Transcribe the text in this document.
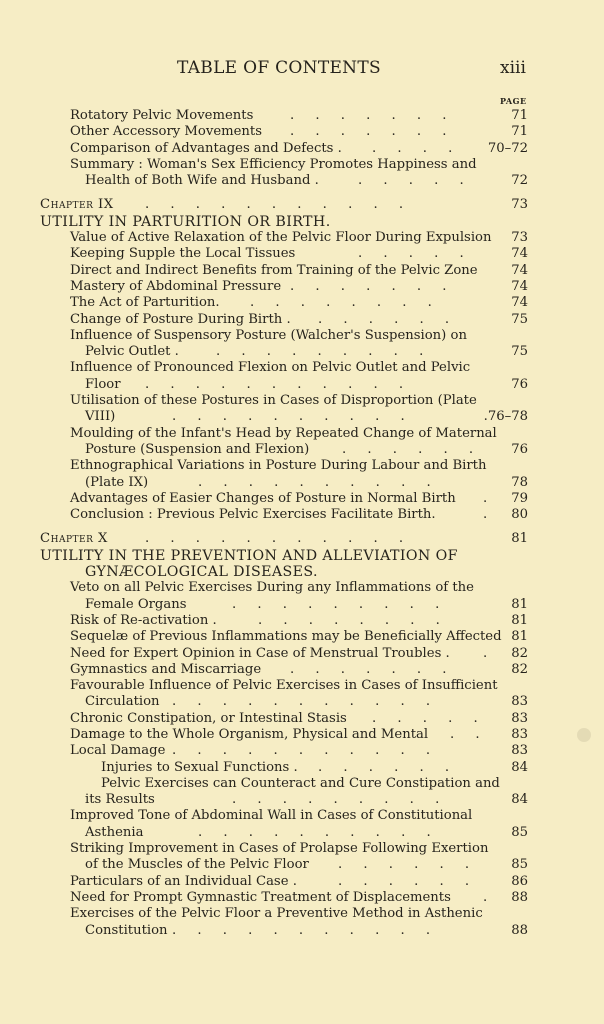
TABLE OF CONTENTS	xiii
PAGE
Rotatory Pelvic Movements	. . . . . . .	71
Other Accessory Movements . . . . . . .	71
Comparison of Advantages and Defects . . . . . 70–72
Summary : Woman's Sex Efficiency Promotes Happiness and
Health of Both Wife and Husband .	. . . . .	72
Chapter IX . . . . . . . . . . .	73
UTILITY IN PARTURITION OR BIRTH.
Value of Active Relaxation of the Pelvic Floor During Expulsion 73
Keeping Supple the Local Tissues	. . . . .	74
Direct and Indirect Benefits from Training of the Pelvic Zone	74
Mastery of Abdominal Pressure . . . . . . .	74
The Act of Parturition. . . . . . . . .	74
Change of Posture During Birth . . . . . . .	75
Influence of Suspensory Posture (Walcher's Suspension) on
Pelvic Outlet .	. . . . . . . . .	75
Influence of Pronounced Flexion on Pelvic Outlet and Pelvic
Floor . . . . . . . . . . .	76
Utilisation of these Postures in Cases of Disproportion (Plate
VIII)	. . . . . . . . . .	.76–78
Moulding of the Infant's Head by Repeated Change of Maternal
Posture (Suspension and Flexion) . . . . . . 76
Ethnographical Variations in Posture During Labour and Birth
(Plate IX)	. . . . . . . . . .	78
Advantages of Easier Changes of Posture in Normal Birth . 79
Conclusion : Previous Pelvic Exercises Facilitate Birth.	. 80
Chapter X	. . . . . . . . . . .	81
UTILITY IN THE PREVENTION AND ALLEVIATION OF
GYNÆCOLOGICAL DISEASES.
Veto on all Pelvic Exercises During any Inflammations of the
Female Organs	. . . . . . . . .	81
Risk of Re-activation .	. . . . . . . .	81
Sequelæ of Previous Inflammations may be Beneficially Affected 81
Need for Expert Opinion in Case of Menstrual Troubles .	. 82
Gymnastics and Miscarriage . . . . . . .	82
Favourable Influence of Pelvic Exercises in Cases of Insufficient
Circulation . . . . . . . . . . .	83
Chronic Constipation, or Intestinal Stasis . . . . . 83
Damage to the Whole Organism, Physical and Mental . . 83
Local Damage . . . . . . . . . . .	83
Injuries to Sexual Functions . . . . . . .	84
Pelvic Exercises can Counteract and Cure Constipation and
its Results	. . . . . . . . .	84
Improved Tone of Abdominal Wall in Cases of Constitutional
Asthenia	. . . . . . . . . .	85
Striking Improvement in Cases of Prolapse Following Exertion
of the Muscles of the Pelvic Floor . . . . . .	85
Particulars of an Individual Case .	. . . . . .	86
Need for Prompt Gymnastic Treatment of Displacements . 88
Exercises of the Pelvic Floor a Preventive Method in Asthenic
Constitution . . . . . . . . . . .	88
